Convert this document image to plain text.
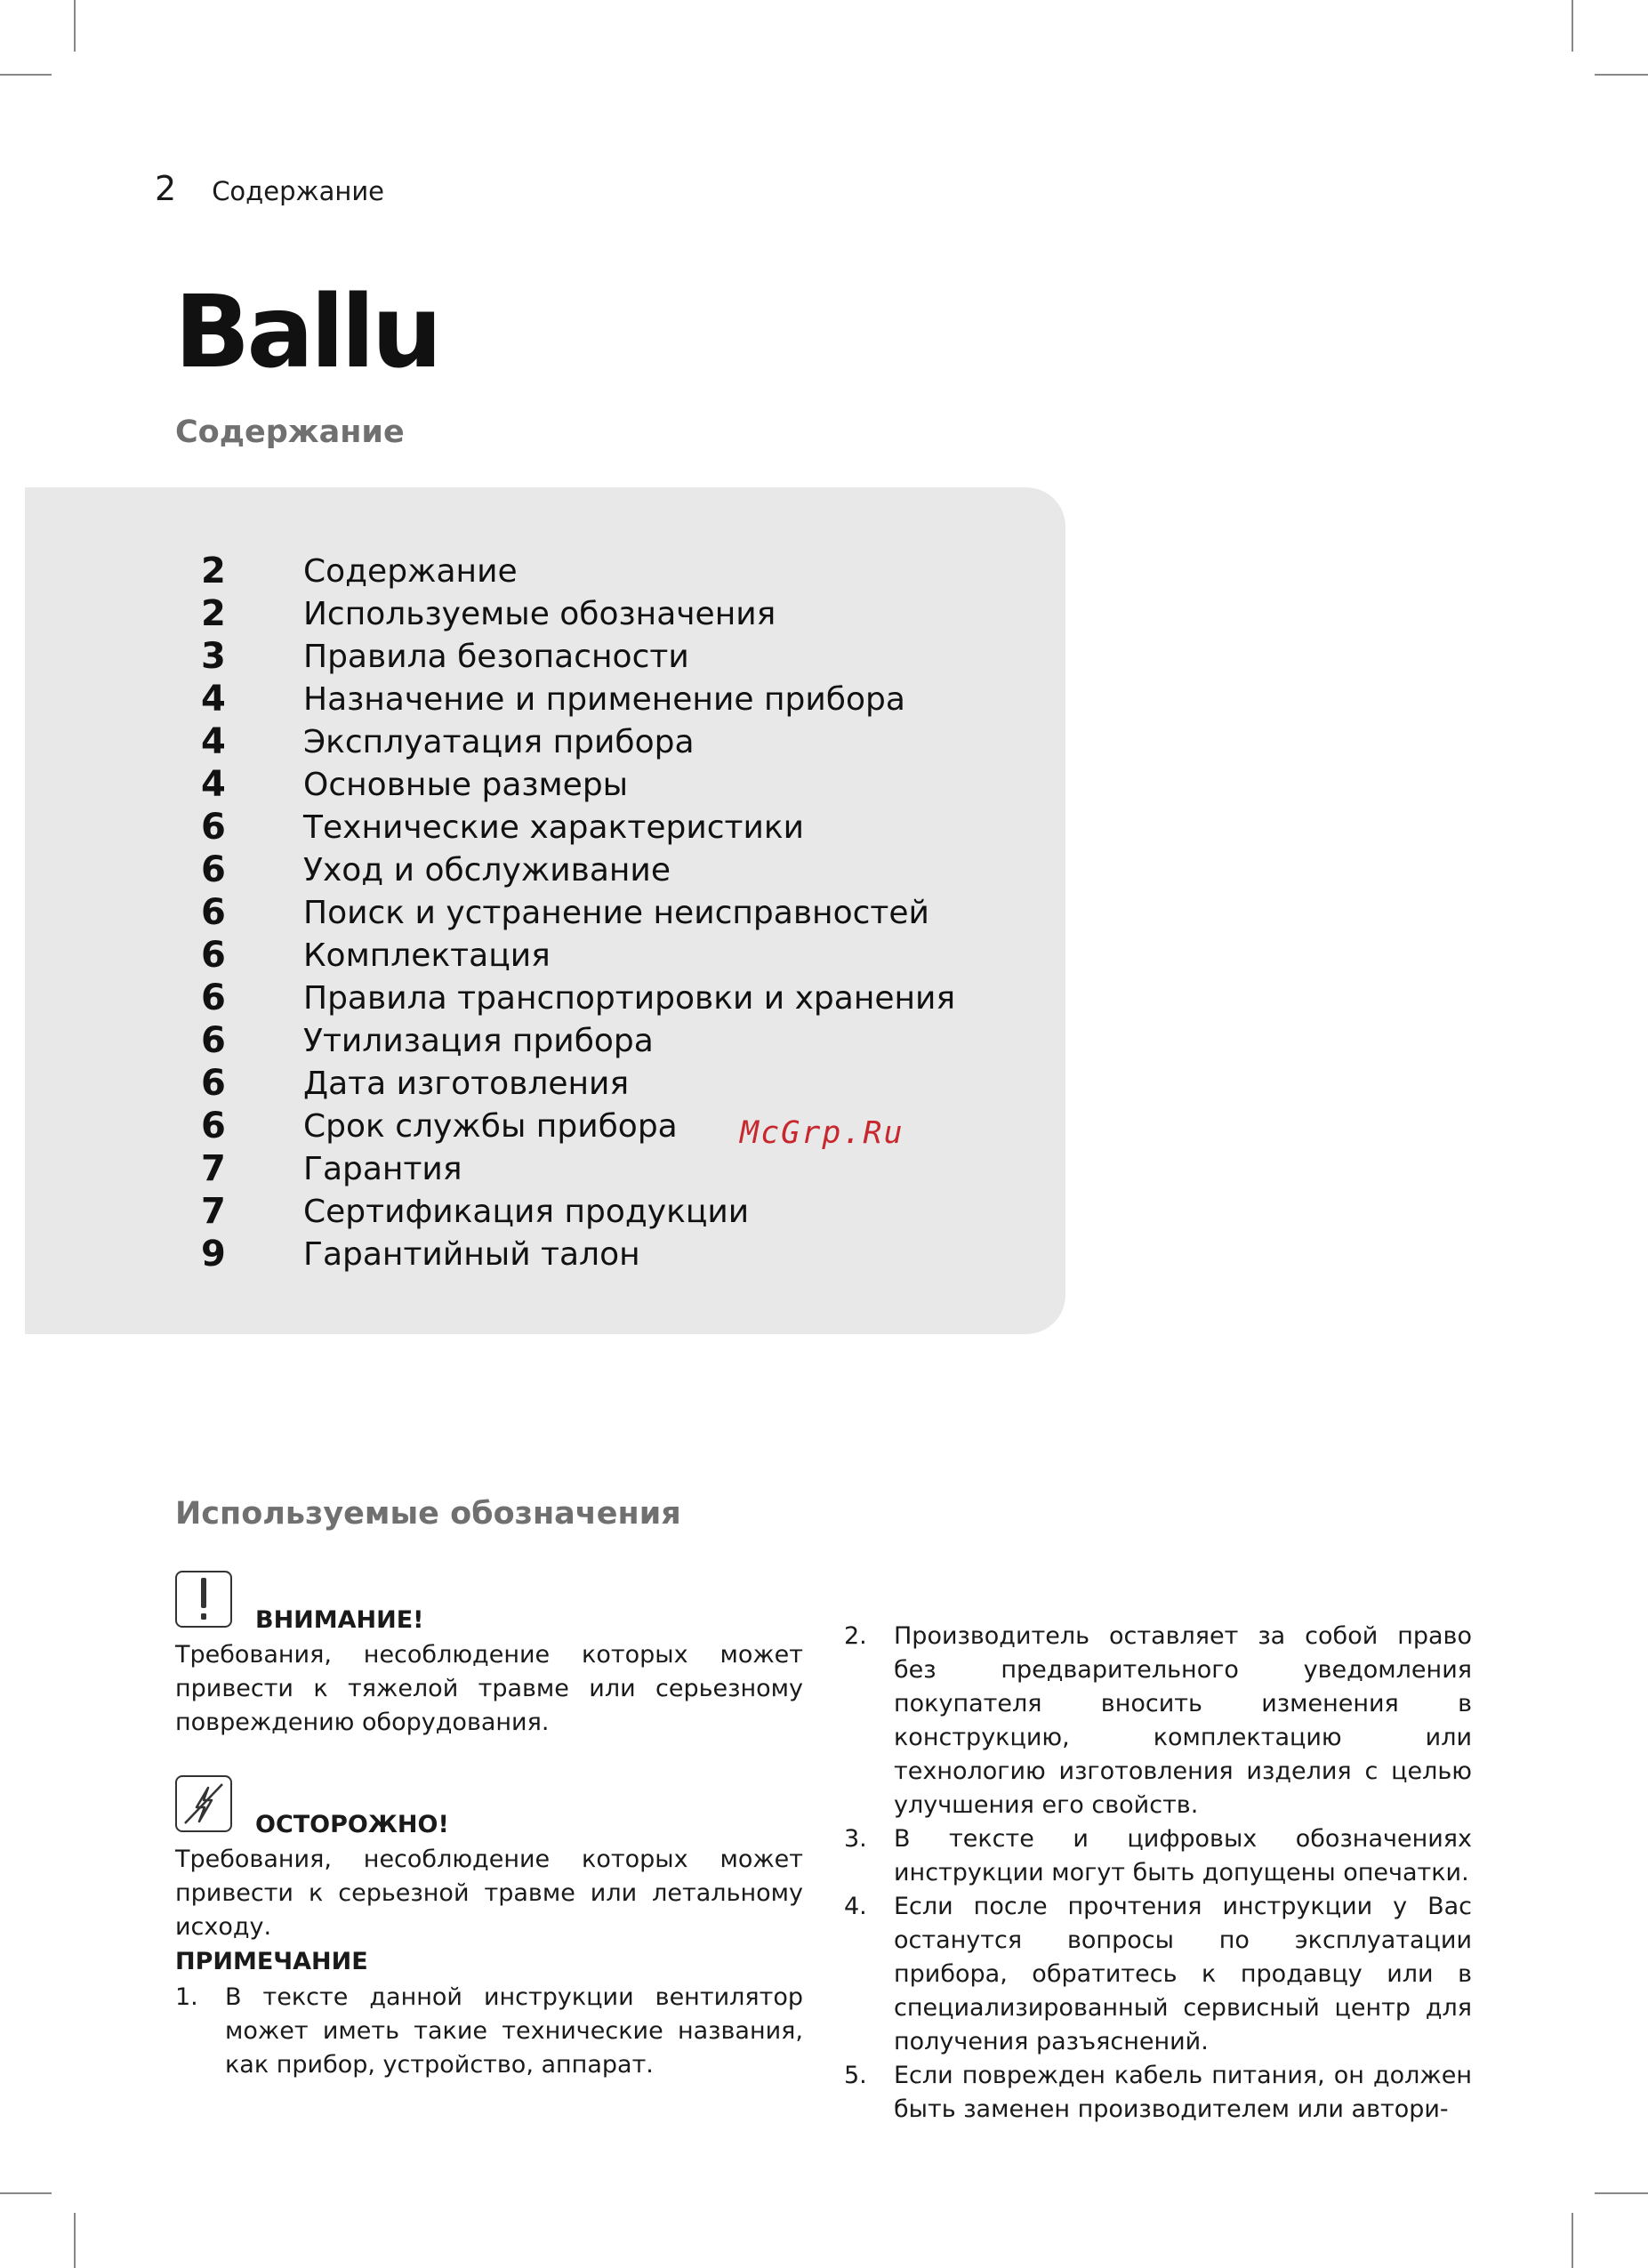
2 Содержание
Ballu
Содержание
2	Содержание
2	Используемые обозначения
3	Правила безопасности
4	Назначение и применение прибора
4	Эксплуатация прибора
4	Основные размеры
6	Технические характеристики
6	Уход и обслуживание
6	Поиск и устранение неисправностей
6	Комплектация
6	Правила транспортировки и хранения
6	Утилизация прибора
6	Дата изготовления
6	Срок службы прибора
7	Гарантия
7	Сертификация продукции
9	Гарантийный талон
McGrp.Ru
Используемые обозначения
ВНИМАНИЕ!

Требования, несоблюдение которых может привести к тяжелой травме или серьезному повреждению оборудования.

ОСТОРОЖНО!

Требования, несоблюдение которых может привести к серьезной травме или летальному исходу.

ПРИМЕЧАНИЕ
1.	В тексте данной инструкции вентилятор может иметь такие технические названия, как прибор, устройство, аппарат.
2.	Производитель оставляет за собой право без предварительного уведомления покупателя вносить изменения в конструкцию, комплектацию или технологию изготовления изделия с целью улучшения его свойств.
3.	В тексте и цифровых обозначениях инструкции могут быть допущены опечатки.
4.	Если после прочтения инструкции у Вас останутся вопросы по эксплуатации прибора, обратитесь к продавцу или в специализированный сервисный центр для получения разъяснений.
5.	Если поврежден кабель питания, он должен быть заменен производителем или автори-
